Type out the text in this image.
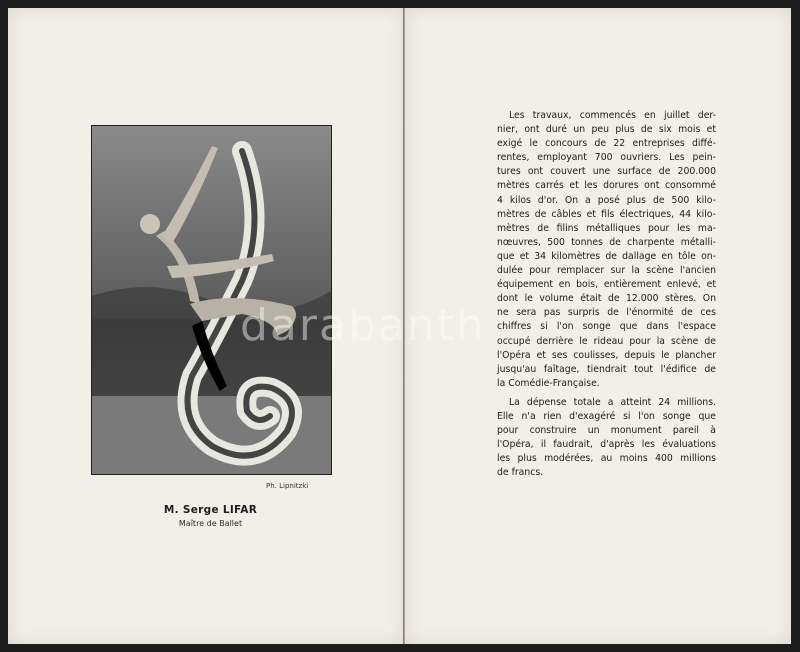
Ph. Lipnitzki
M. Serge LIFAR
Maître de Ballet
Les travaux, commencés en juillet der-
nier, ont duré un peu plus de six mois et
exigé le concours de 22 entreprises diffé-
rentes, employant 700 ouvriers. Les pein-
tures ont couvert une surface de 200.000
mètres carrés et les dorures ont consommé
4 kilos d'or. On a posé plus de 500 kilo-
mètres de câbles et fils électriques, 44 kilo-
mètres de filins métalliques pour les ma-
nœuvres, 500 tonnes de charpente métalli-
que et 34 kilomètres de dallage en tôle on-
dulée pour remplacer sur la scène l'ancien
équipement en bois, entièrement enlevé, et
dont le volume était de 12.000 stères. On
ne sera pas surpris de l'énormité de ces
chiffres si l'on songe que dans l'espace
occupé derrière le rideau pour la scène de
l'Opéra et ses coulisses, depuis le plancher
jusqu'au faîtage, tiendrait tout l'édifice de
la Comédie-Française.
La dépense totale a atteint 24 millions.
Elle n'a rien d'exagéré si l'on songe que
pour construire un monument pareil à
l'Opéra, il faudrait, d'après les évaluations
les plus modérées, au moins 400 millions
de francs.
darabanth
